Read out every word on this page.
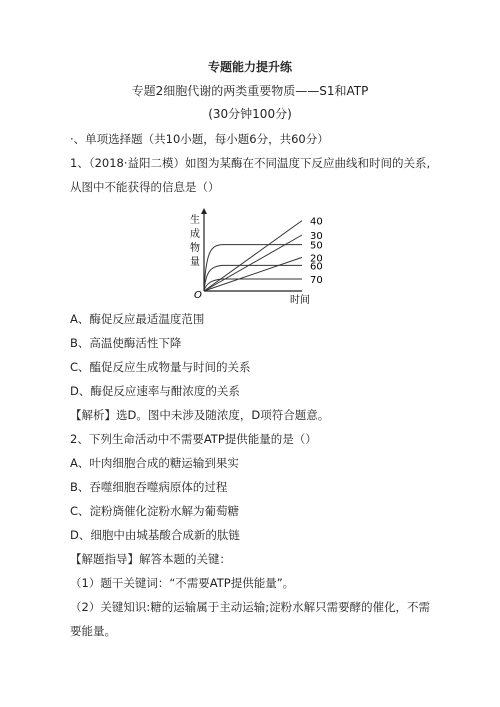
专题能力提升练
专题2细胞代谢的两类重要物质——S1和ATP
(30分钟100分)
·、单项选择题（共10小题，每小题6分，共60分）
1、（2018·益阳二模）如图为某酶在不同温度下反应曲线和时间的关系,
从图中不能获得的信息是（）
生
成
物
量
O	时间
40
30
50
20
60
70
A、酶促反应最适温度范围
B、高温使酶活性下降
C、醢促反应生成物量与时间的关系
D、酶促反应速率与酣浓度的关系
【解析】选D。图中未涉及随浓度，D项符合题意。
2、下列生命活动中不需要ATP提供能量的是（）
A、叶肉细胞合成的糖运输到果实
B、吞噬细胞吞噬病原体的过程
C、淀粉旖催化淀粉水解为葡萄糖
D、细胞中由城基酸合成新的肽链
【解题指导】解答本题的关键：
（1）题干关键词：“不需要ATP提供能量”。
（2）关键知识:糖的运输属于主动运输;淀粉水解只需要酵的催化，不需
要能量。
